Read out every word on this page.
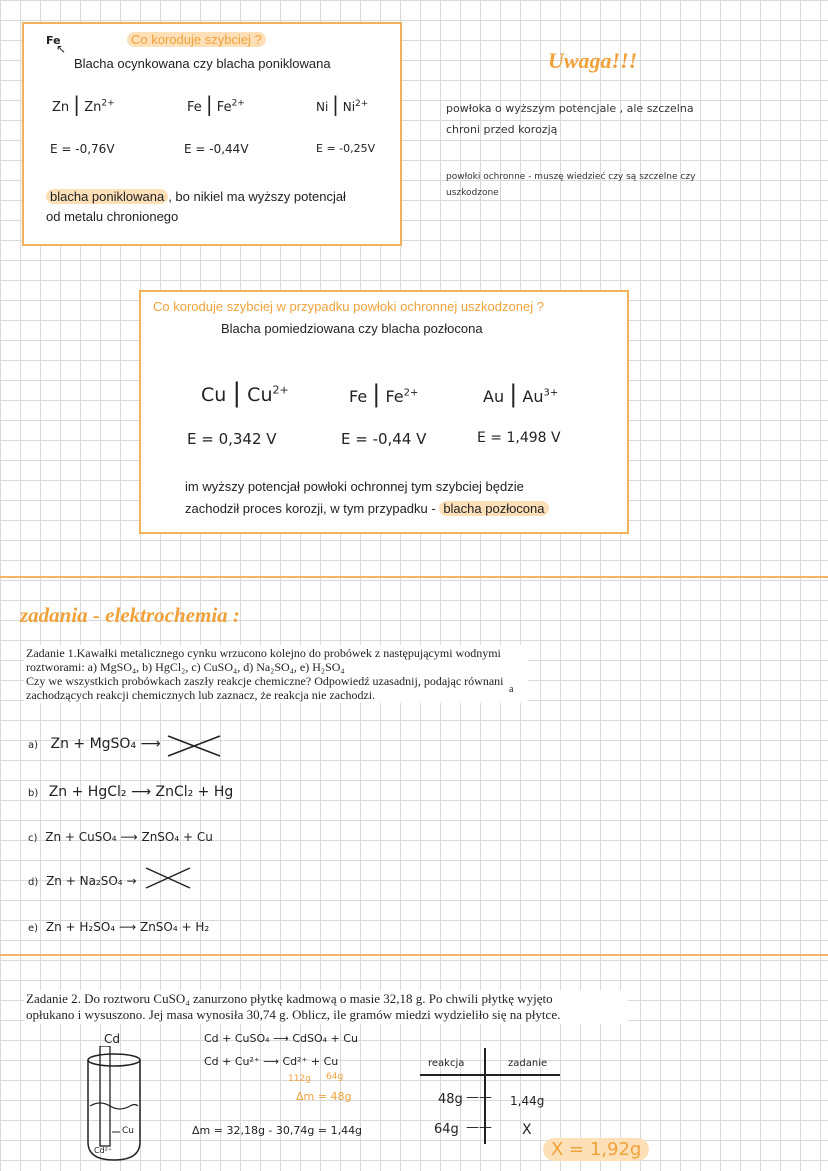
Fe
↖
Co koroduje szybciej ?
Blacha ocynkowana czy blacha poniklowana
Zn | $Zn^{2+}$	Fe | $Fe^{2+}$	Ni | $Ni^{2+}$
E = -0,76V	E = -0,44V	E = -0,25V
blacha poniklowana , bo nikiel ma wyższy potencjał
od metalu chronionego
Uwaga!!!
powłoka o wyższym potencjale , ale szczelna
chroni przed korozją
powłoki ochronne - muszę wiedzieć czy są szczelne czy
uszkodzone
Co koroduje szybciej w przypadku powłoki ochronnej uszkodzonej ?
Blacha pomiedziowana czy blacha pozłocona
Cu | $Cu^{2+}$	Fe | $Fe^{2+}$	Au | $Au^{3+}$
E = 0,342 V	E = -0,44 V	E = 1,498 V
im wyższy potencjał powłoki ochronnej tym szybciej będzie
zachodził proces korozji, w tym przypadku - blacha pozłocona
zadania - elektrochemia :
Zadanie 1.Kawałki metalicznego cynku wrzucono kolejno do probówek z następującymi wodnymi
roztworami: a) MgSO₄, b) HgCl₂, c) CuSO₄, d) Na₂SO₄, e) H₂SO₄
Czy we wszystkich probówkach zaszły reakcje chemiczne? Odpowiedź uzasadnij, podając równani
zachodzących reakcji chemicznych lub zaznacz, że reakcja nie zachodzi.	a
a) Zn + MgSO₄ ⟶
b) Zn + HgCl₂ ⟶ ZnCl₂ + Hg
c) Zn + CuSO₄ ⟶ ZnSO₄ + Cu
d) Zn + Na₂SO₄ →
e) Zn + H₂SO₄ ⟶ ZnSO₄ + H₂
Zadanie 2. Do roztworu CuSO₄ zanurzono płytkę kadmową o masie 32,18 g. Po chwili płytkę wyjęto
opłukano i wysuszono. Jej masa wynosiła 30,74 g. Oblicz, ile gramów miedzi wydzieliło się na płytce.
Cd
Cu
Cd²⁺
Cd + CuSO₄ ⟶ CdSO₄ + Cu
Cd + Cu²⁺ ⟶ Cd²⁺ + Cu
112g 64g
Δm = 48g
Δm = 32,18g - 30,74g = 1,44g
reakcja	zadanie
48g —— 1,44g
64g —— X
X = 1,92g
